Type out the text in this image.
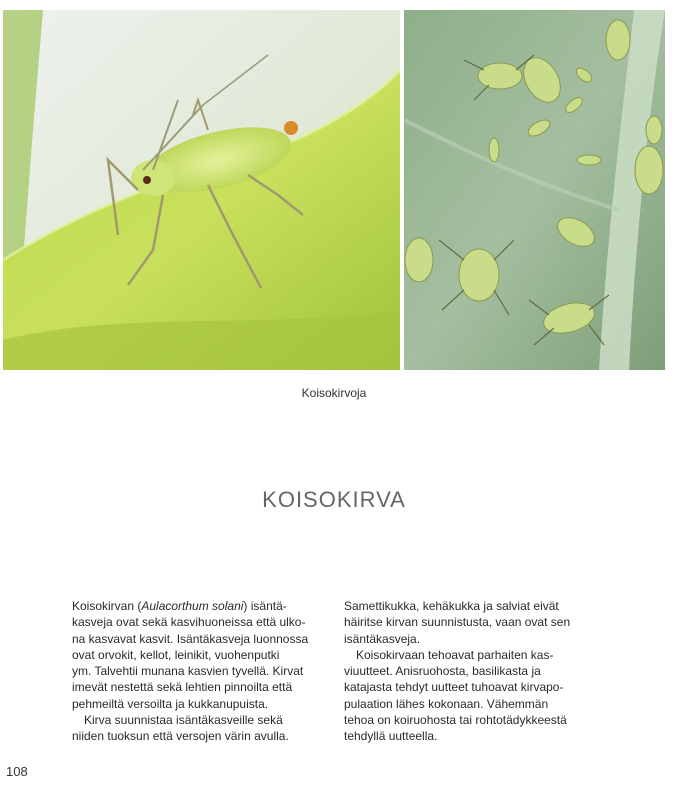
Koisokirvoja
KOISOKIRVA

Koisokirvan (Aulacorthum solani) isäntä-

kasveja ovat sekä kasvihuoneissa että ulko-

na kasvavat kasvit. Isäntäkasveja luonnossa

ovat orvokit, kellot, leinikit, vuohenputki

ym. Talvehtii munana kasvien tyvellä. Kirvat

imevät nestettä sekä lehtien pinnoilta että

pehmeiltä versoilta ja kukkanupuista.

Kirva suunnistaa isäntäkasveille sekä

niiden tuoksun että versojen värin avulla.

Samettikukka, kehäkukka ja salviat eivät

häiritse kirvan suunnistusta, vaan ovat sen

isäntäkasveja.

Koisokirvaan tehoavat parhaiten kas-

viuutteet. Anisruohosta, basilikasta ja

katajasta tehdyt uutteet tuhoavat kirvapo-

pulaation lähes kokonaan. Vähemmän

tehoa on koiruohosta tai rohtotädykkeestä

tehdyllä uutteella.

108
